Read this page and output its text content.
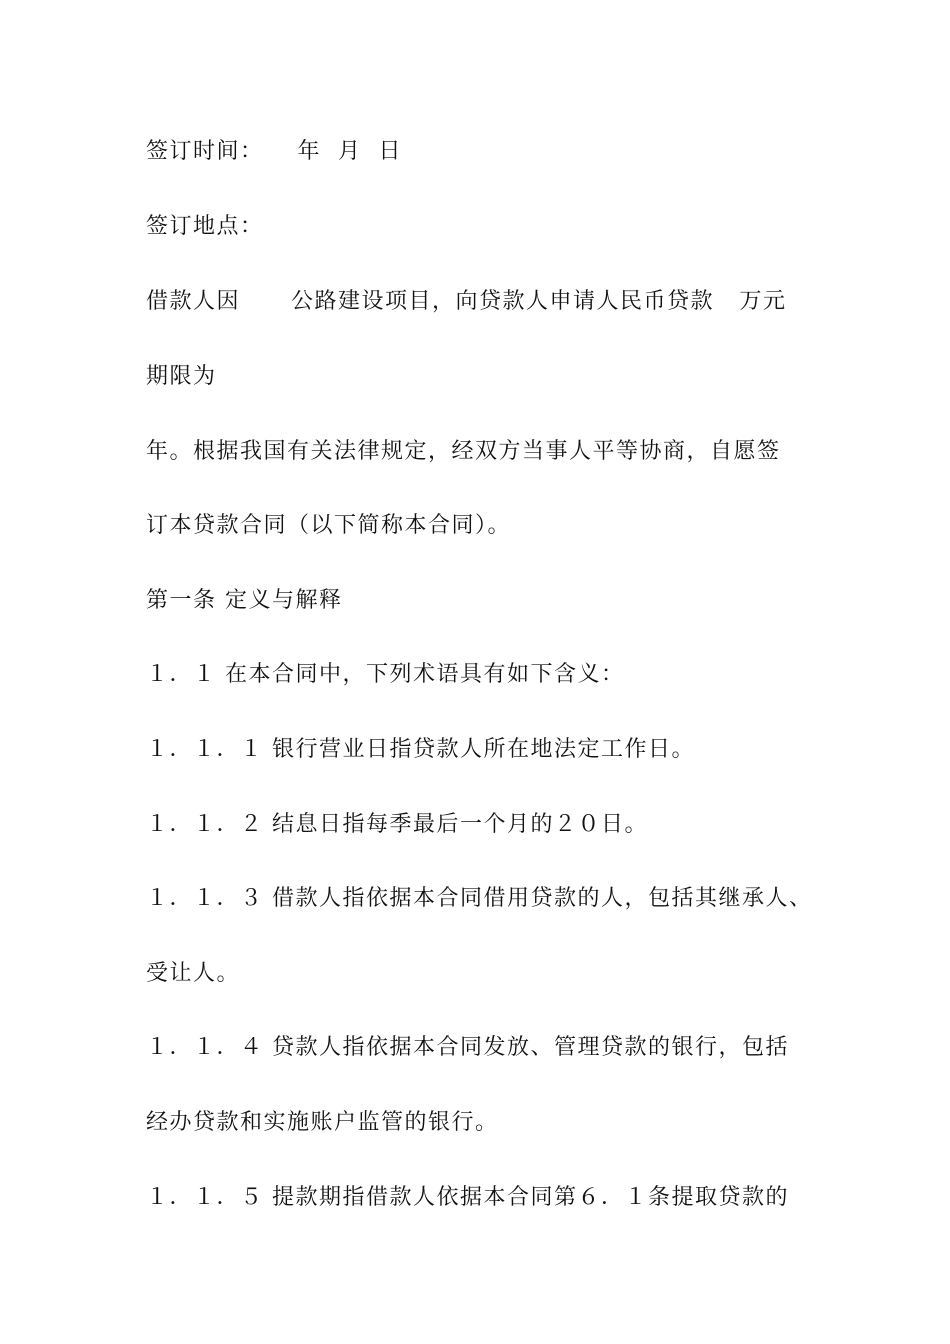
签订时间：    年  月  日
签订地点：
借款人因      公路建设项目，向贷款人申请人民币贷款   万元
期限为
年。根据我国有关法律规定，经双方当事人平等协商，自愿签
订本贷款合同（以下简称本合同）。
第一条 定义与解释
１．１ 在本合同中，下列术语具有如下含义：
１．１．１ 银行营业日指贷款人所在地法定工作日。
１．１．２ 结息日指每季最后一个月的２０日。
１．１．３ 借款人指依据本合同借用贷款的人，包括其继承人、
受让人。
１．１．４ 贷款人指依据本合同发放、管理贷款的银行，包括
经办贷款和实施账户监管的银行。
１．１．５ 提款期指借款人依据本合同第６．１条提取贷款的
